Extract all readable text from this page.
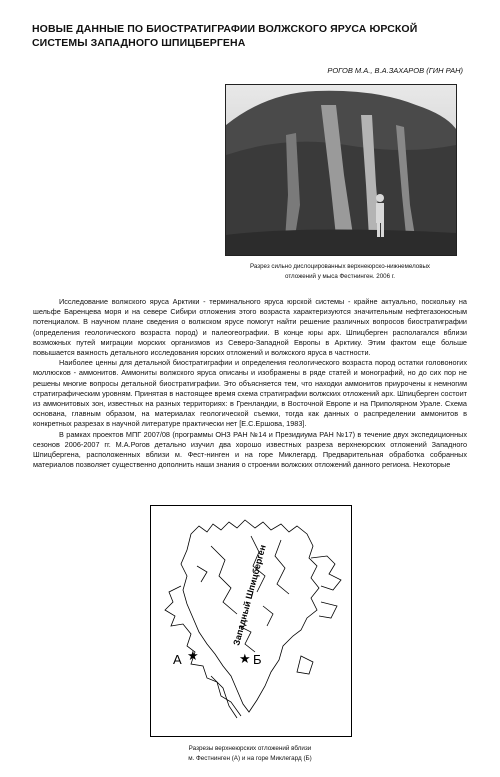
НОВЫЕ ДАННЫЕ ПО БИОСТРАТИГРАФИИ ВОЛЖСКОГО ЯРУСА ЮРСКОЙ СИСТЕМЫ ЗАПАДНОГО ШПИЦБЕРГЕНА
РОГОВ М.А., В.А.ЗАХАРОВ (ГИН РАН)
Разрез сильно дислоцированных верхнеюрско-нижнемеловых
отложений у мыса Фестнинген. 2006 г.

Исследование волжского яруса Арктики - терминального яруса юрской системы - крайне актуально, поскольку на шельфе Баренцева моря и на севере Сибири отложения этого возраста характеризуются значительным нефтегазоносным потенциалом. В научном плане сведения о волжском ярусе помогут найти решение различных вопросов биостратиграфии (определения геологического возраста пород) и палеогеографии. В конце юры арх. Шпицберген располагался вблизи возможных путей миграции морских организмов из Северо-Западной Европы в Арктику. Этим фактом еще больше повышается важность детального исследования юрских отложений и волжского яруса в частности.

Наиболее ценны для детальной биостратиграфии и определения геологического возраста пород остатки головоногих моллюсков - аммонитов. Аммониты волжского яруса описаны и изображены в ряде статей и монографий, но до сих пор не решены многие вопросы детальной биостратиграфии. Это объясняется тем, что находки аммонитов приурочены к немногим стратиграфическим уровням. Принятая в настоящее время схема стратиграфии волжских отложений арх. Шпицберген состоит из аммонитовых зон, известных на разных территориях: в Гренландии, в Восточной Европе и на Приполярном Урале. Схема основана, главным образом, на материалах геологической съемки, тогда как данных о распределении аммонитов в конкретных разрезах в научной литературе практически нет [Е.С.Ершова, 1983].

В рамках проектов МПГ 2007/08 (программы ОНЗ РАН №14 и Президиума РАН №17) в течение двух экспедиционных сезонов 2006-2007 гг. М.А.Рогов детально изучил два хорошо известных разреза верхнеюрских отложений Западного Шпицбергена, расположенных вблизи м. Фест-нинген и на горе Миклегард. Предварительная обработка собранных материалов позволяет существенно дополнить наши знания о строении волжских отложений данного региона. Некоторые

Западный Шпицберген
А ★	★ Б
Разрезы верхнеюрских отложений вблизи
м. Фестнинген (А) и на горе Миклегард (Б)
